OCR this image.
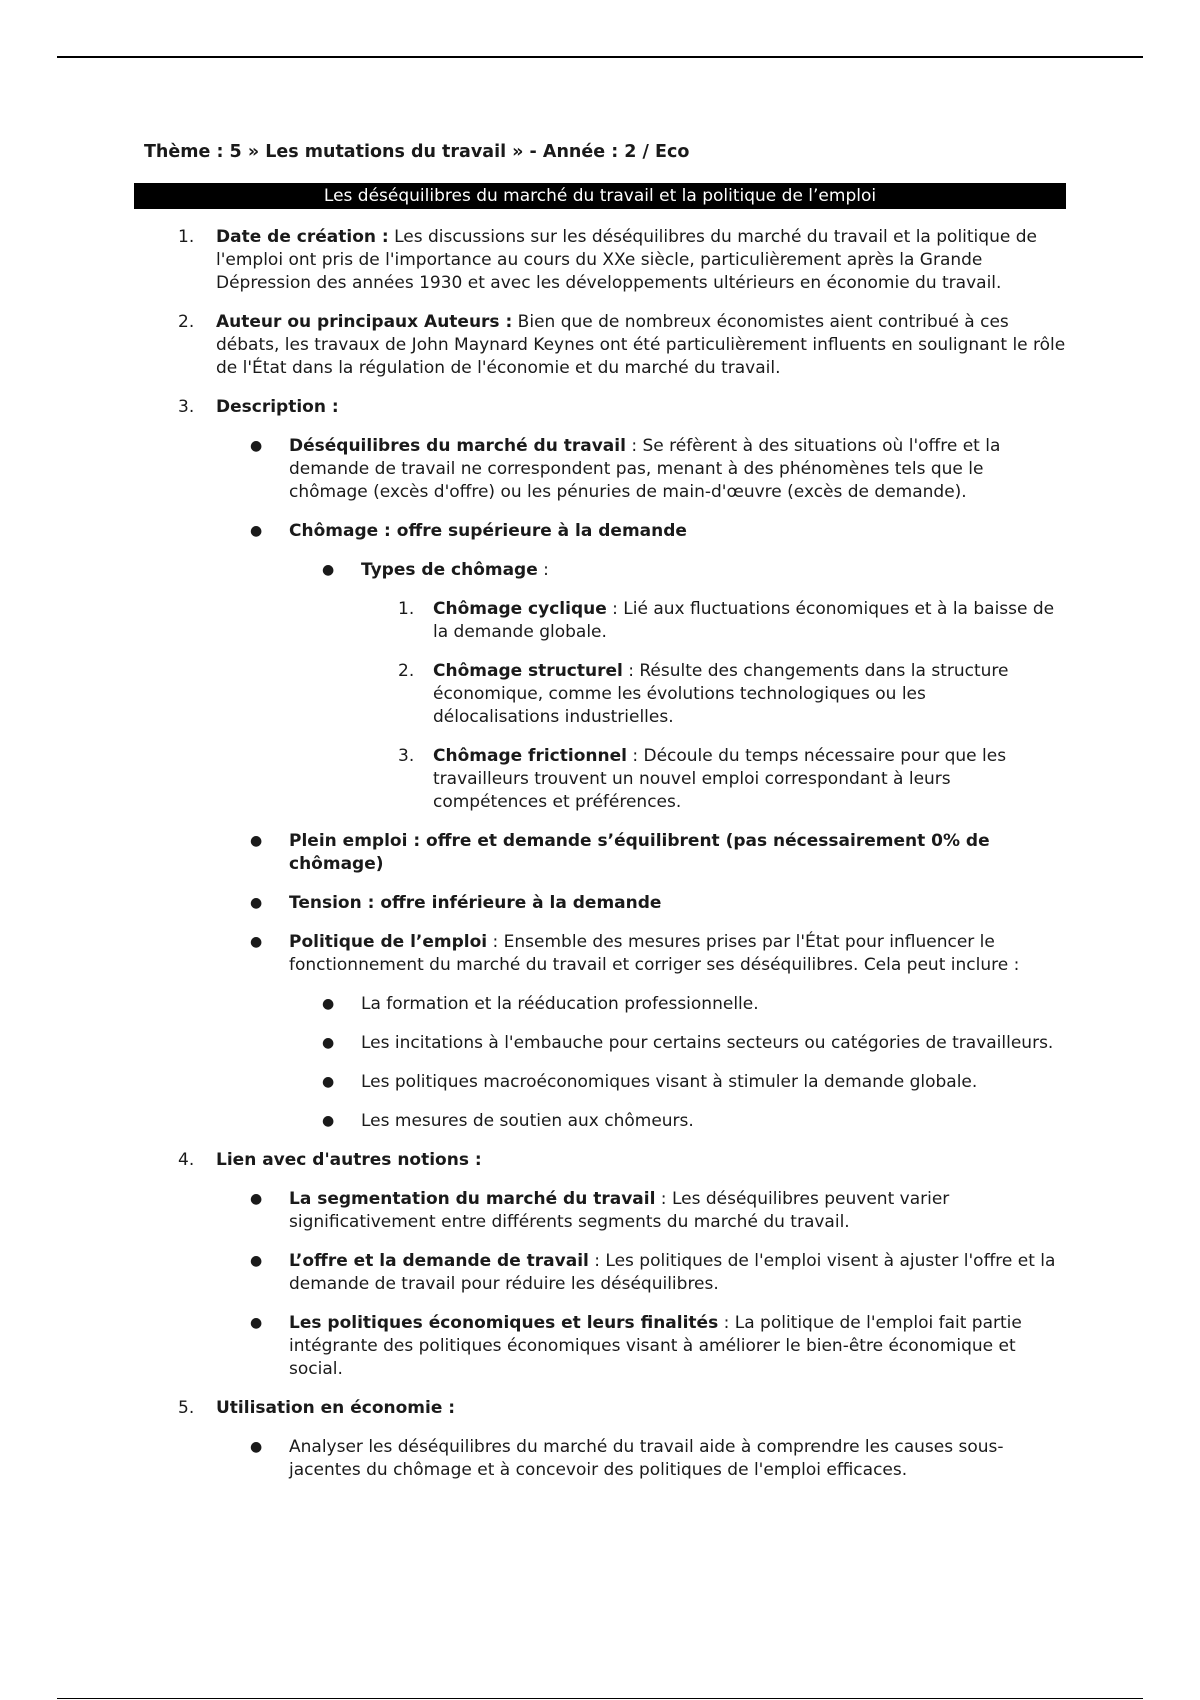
Thème : 5 » Les mutations du travail » - Année : 2 / Eco
Les déséquilibres du marché du travail et la politique de l’emploi
1. Date de création : Les discussions sur les déséquilibres du marché du travail et la politique de l'emploi ont pris de l'importance au cours du XXe siècle, particulièrement après la Grande Dépression des années 1930 et avec les développements ultérieurs en économie du travail.
2. Auteur ou principaux Auteurs : Bien que de nombreux économistes aient contribué à ces débats, les travaux de John Maynard Keynes ont été particulièrement influents en soulignant le rôle de l'État dans la régulation de l'économie et du marché du travail.
3. Description :
● Déséquilibres du marché du travail : Se réfèrent à des situations où l'offre et la demande de travail ne correspondent pas, menant à des phénomènes tels que le chômage (excès d'offre) ou les pénuries de main-d'œuvre (excès de demande).
● Chômage : offre supérieure à la demande
● Types de chômage :
1. Chômage cyclique : Lié aux fluctuations économiques et à la baisse de la demande globale.
2. Chômage structurel : Résulte des changements dans la structure économique, comme les évolutions technologiques ou les délocalisations industrielles.
3. Chômage frictionnel : Découle du temps nécessaire pour que les travailleurs trouvent un nouvel emploi correspondant à leurs compétences et préférences.
● Plein emploi : offre et demande s’équilibrent (pas nécessairement 0% de chômage)
● Tension : offre inférieure à la demande
● Politique de l’emploi : Ensemble des mesures prises par l'État pour influencer le fonctionnement du marché du travail et corriger ses déséquilibres. Cela peut inclure :
● La formation et la rééducation professionnelle.
● Les incitations à l'embauche pour certains secteurs ou catégories de travailleurs.
● Les politiques macroéconomiques visant à stimuler la demande globale.
● Les mesures de soutien aux chômeurs.
4. Lien avec d'autres notions :
● La segmentation du marché du travail : Les déséquilibres peuvent varier significativement entre différents segments du marché du travail.
● L’offre et la demande de travail : Les politiques de l'emploi visent à ajuster l'offre et la demande de travail pour réduire les déséquilibres.
● Les politiques économiques et leurs finalités : La politique de l'emploi fait partie intégrante des politiques économiques visant à améliorer le bien-être économique et social.
5. Utilisation en économie :
● Analyser les déséquilibres du marché du travail aide à comprendre les causes sous-jacentes du chômage et à concevoir des politiques de l'emploi efficaces.
